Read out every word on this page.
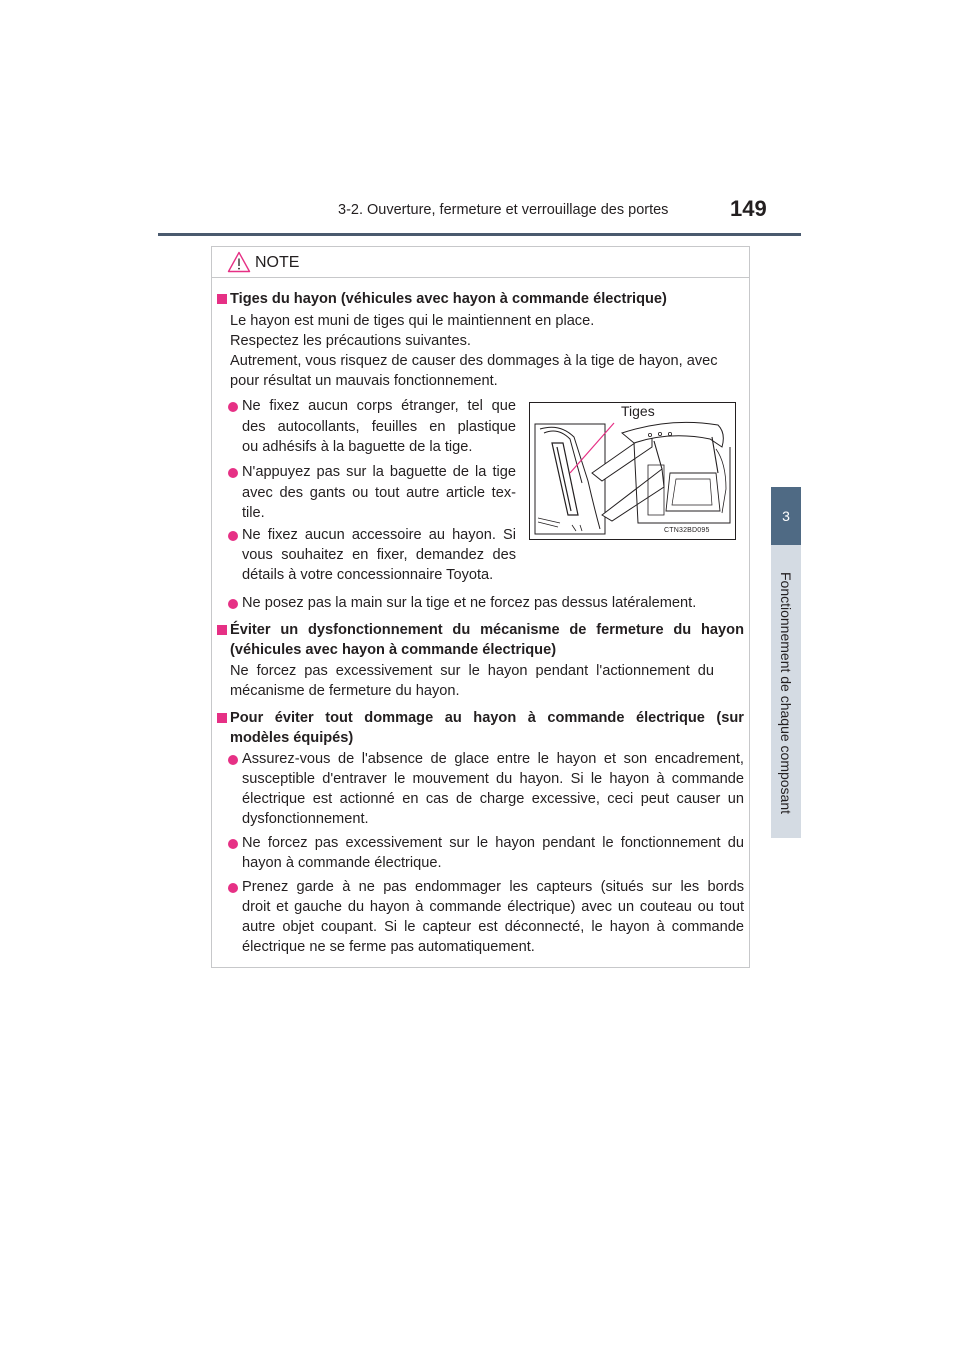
3-2. Ouverture, fermeture et verrouillage des portes	149
3
Fonctionnement de chaque composant
NOTE
Tiges du hayon (véhicules avec hayon à commande électrique)
Le hayon est muni de tiges qui le maintiennent en place.
Respectez les précautions suivantes.
Autrement, vous risquez de causer des dommages à la tige de hayon, avec
pour résultat un mauvais fonctionnement.
Ne fixez aucun corps étranger, tel que
des autocollants, feuilles en plastique
ou adhésifs à la baguette de la tige.
N'appuyez pas sur la baguette de la tige
avec des gants ou tout autre article tex-
tile.
Ne fixez aucun accessoire au hayon. Si
vous souhaitez en fixer, demandez des
détails à votre concessionnaire Toyota.
Tiges
CTN32BD095
Ne posez pas la main sur la tige et ne forcez pas dessus latéralement.
Éviter un dysfonctionnement du mécanisme de fermeture du hayon
(véhicules avec hayon à commande électrique)
Ne forcez pas excessivement sur le hayon pendant l'actionnement du
mécanisme de fermeture du hayon.
Pour éviter tout dommage au hayon à commande électrique (sur
modèles équipés)
Assurez-vous de l'absence de glace entre le hayon et son encadrement,
susceptible d'entraver le mouvement du hayon. Si le hayon à commande
électrique est actionné en cas de charge excessive, ceci peut causer un
dysfonctionnement.
Ne forcez pas excessivement sur le hayon pendant le fonctionnement du
hayon à commande électrique.
Prenez garde à ne pas endommager les capteurs (situés sur les bords
droit et gauche du hayon à commande électrique) avec un couteau ou tout
autre objet coupant. Si le capteur est déconnecté, le hayon à commande
électrique ne se ferme pas automatiquement.
